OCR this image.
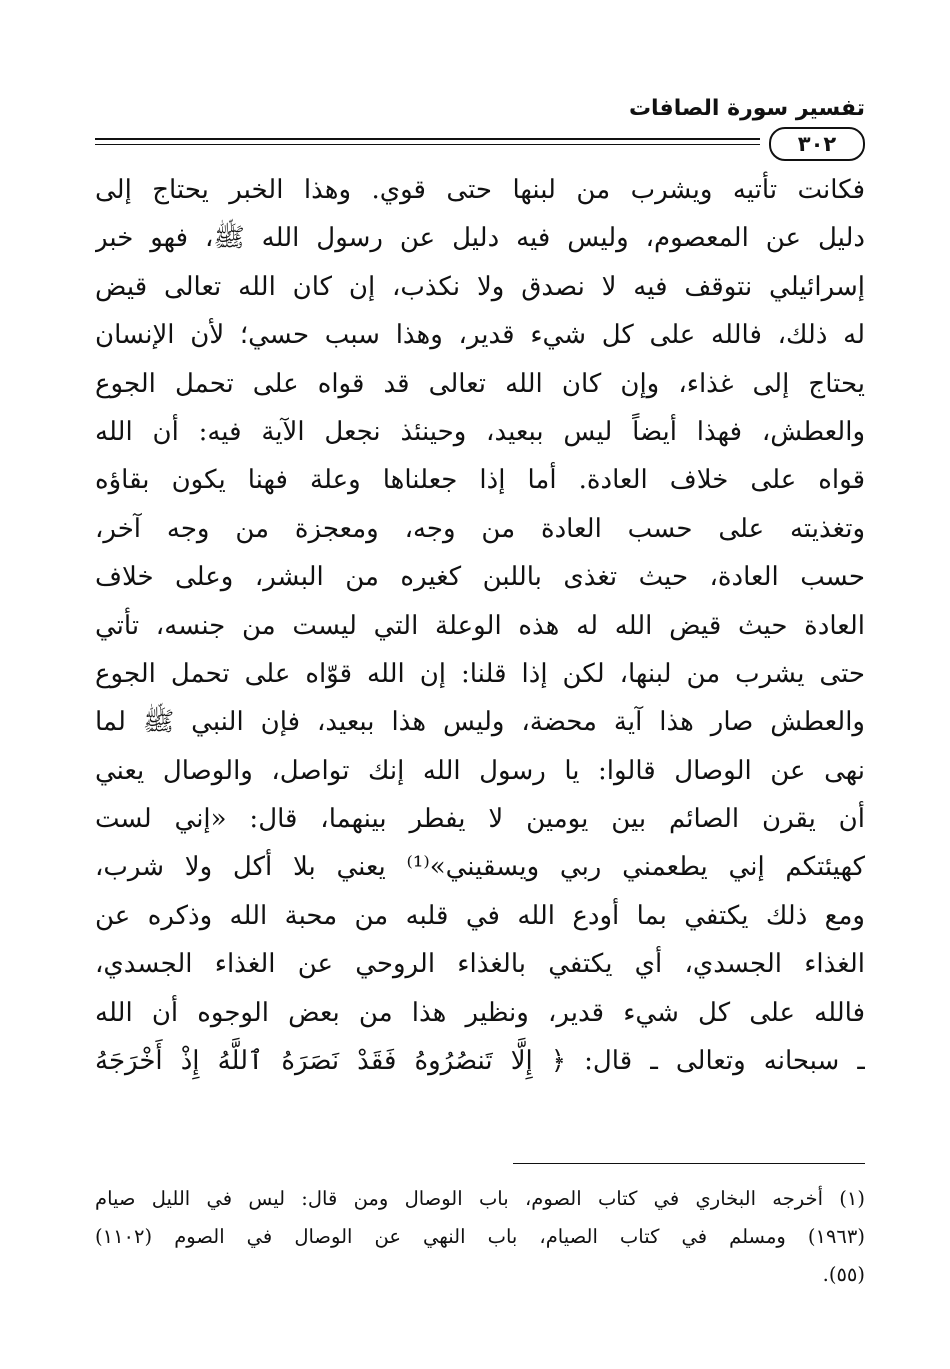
تفسير سورة الصافات
٣٠٢
فكانت تأتيه ويشرب من لبنها حتى قوي. وهذا الخبر يحتاج إلى
دليل عن المعصوم، وليس فيه دليل عن رسول الله ﷺ، فهو خبر
إسرائيلي نتوقف فيه لا نصدق ولا نكذب، إن كان الله تعالى قيض
له ذلك، فالله على كل شيء قدير، وهذا سبب حسي؛ لأن الإنسان
يحتاج إلى غذاء، وإن كان الله تعالى قد قواه على تحمل الجوع
والعطش، فهذا أيضاً ليس ببعيد، وحينئذ نجعل الآية فيه: أن الله
قواه على خلاف العادة. أما إذا جعلناها وعلة فهنا يكون بقاؤه
وتغذيته على حسب العادة من وجه، ومعجزة من وجه آخر،
حسب العادة، حيث تغذى باللبن كغيره من البشر، وعلى خلاف
العادة حيث قيض الله له هذه الوعلة التي ليست من جنسه، تأتي
حتى يشرب من لبنها، لكن إذا قلنا: إن الله قوّاه على تحمل الجوع
والعطش صار هذا آية محضة، وليس هذا ببعيد، فإن النبي ﷺ لما
نهى عن الوصال قالوا: يا رسول الله إنك تواصل، والوصال يعني
أن يقرن الصائم بين يومين لا يفطر بينهما، قال: «إني لست
كهيئتكم إني يطعمني ربي ويسقيني»⁽¹⁾ يعني بلا أكل ولا شرب،
ومع ذلك يكتفي بما أودع الله في قلبه من محبة الله وذكره عن
الغذاء الجسدي، أي يكتفي بالغذاء الروحي عن الغذاء الجسدي،
فالله على كل شيء قدير، ونظير هذا من بعض الوجوه أن الله
ـ سبحانه وتعالى ـ قال: ﴿ إِلَّا تَنصُرُوهُ فَقَدْ نَصَرَهُ ٱللَّهُ إِذْ أَخْرَجَهُ
(١) أخرجه البخاري في كتاب الصوم، باب الوصال ومن قال: ليس في الليل صيام
(١٩٦٣) ومسلم في كتاب الصيام، باب النهي عن الوصال في الصوم (١١٠٢)
(٥٥).
